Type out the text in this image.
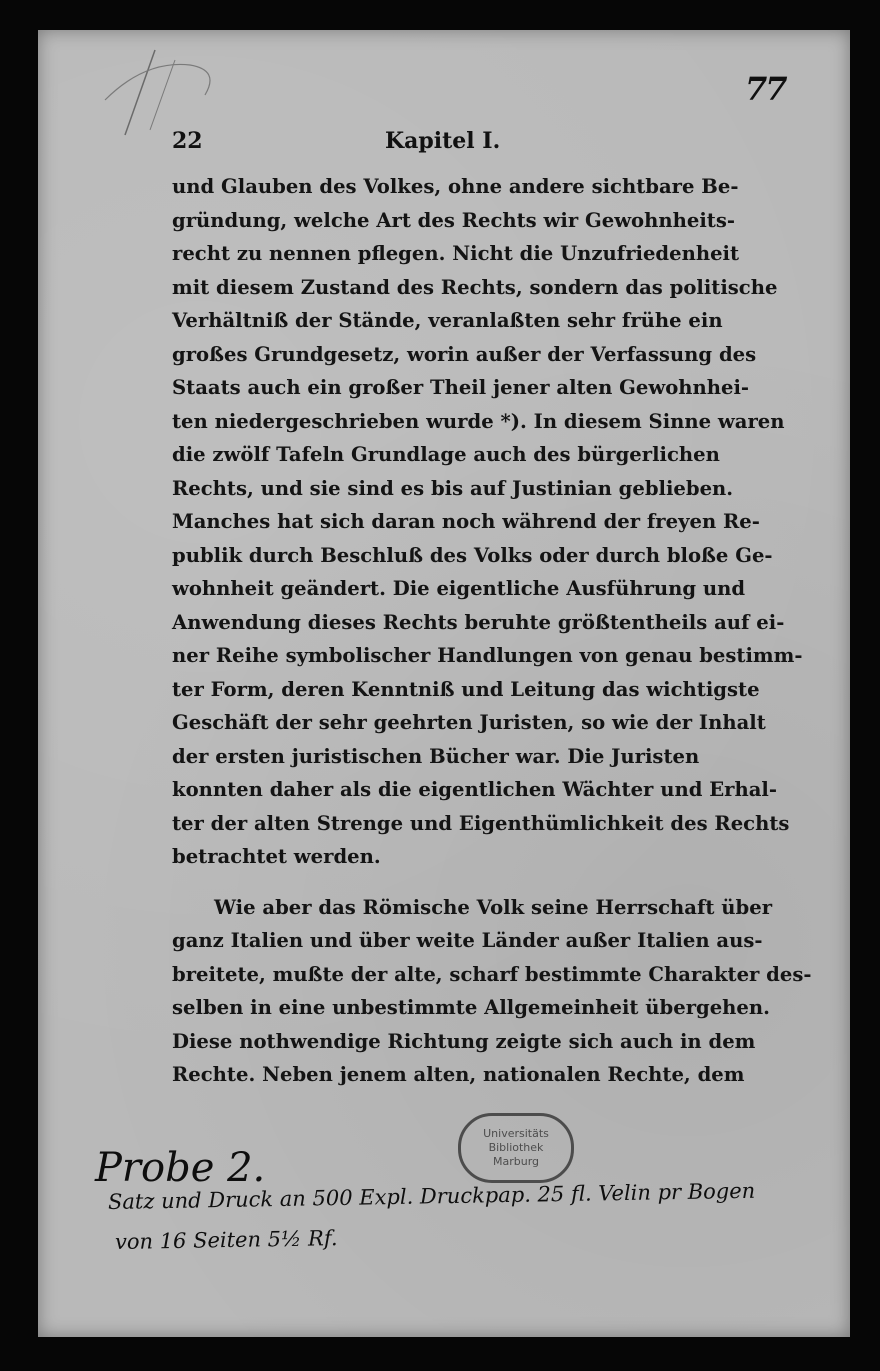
22	Kapitel I.
77
und Glauben des Volkes, ohne andere sichtbare Be-
gründung, welche Art des Rechts wir Gewohnheits-
recht zu nennen pflegen. Nicht die Unzufriedenheit
mit diesem Zustand des Rechts, sondern das politische
Verhältniß der Stände, veranlaßten sehr frühe ein
großes Grundgesetz, worin außer der Verfassung des
Staats auch ein großer Theil jener alten Gewohnhei-
ten niedergeschrieben wurde *). In diesem Sinne waren
die zwölf Tafeln Grundlage auch des bürgerlichen
Rechts, und sie sind es bis auf Justinian geblieben.
Manches hat sich daran noch während der freyen Re-
publik durch Beschluß des Volks oder durch bloße Ge-
wohnheit geändert. Die eigentliche Ausführung und
Anwendung dieses Rechts beruhte größtentheils auf ei-
ner Reihe symbolischer Handlungen von genau bestimm-
ter Form, deren Kenntniß und Leitung das wichtigste
Geschäft der sehr geehrten Juristen, so wie der Inhalt
der ersten juristischen Bücher war. Die Juristen
konnten daher als die eigentlichen Wächter und Erhal-
ter der alten Strenge und Eigenthümlichkeit des Rechts
betrachtet werden.
Wie aber das Römische Volk seine Herrschaft über
ganz Italien und über weite Länder außer Italien aus-
breitete, mußte der alte, scharf bestimmte Charakter des-
selben in eine unbestimmte Allgemeinheit übergehen.
Diese nothwendige Richtung zeigte sich auch in dem
Rechte. Neben jenem alten, nationalen Rechte, dem
Universitäts
Bibliothek
Marburg
Probe 2.
Satz und Druck an 500 Expl. Druckpap. 25 fl. Velin pr Bogen
von 16 Seiten 5½ Rf.
